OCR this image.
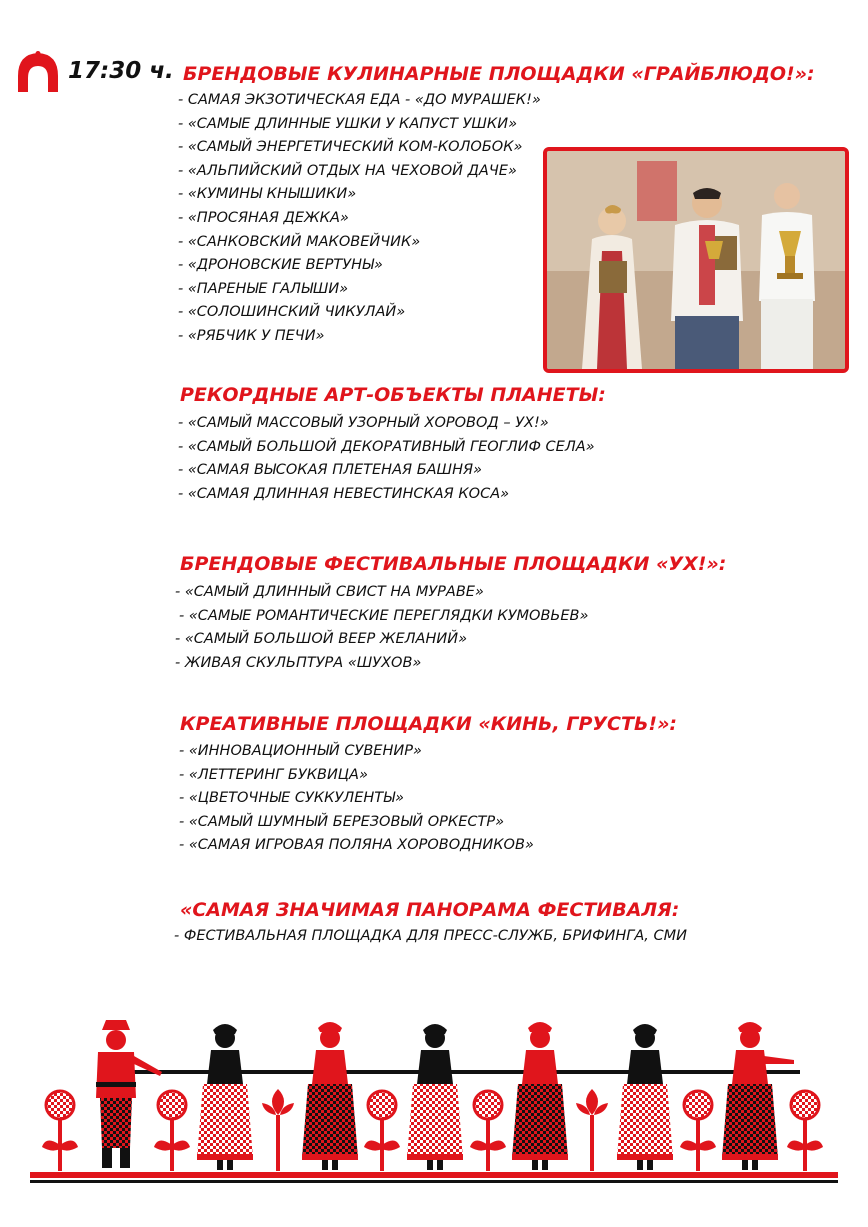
Ух! 17:30 ч. БРЕНДОВЫЕ КУЛИНАРНЫЕ ПЛОЩАДКИ «ГРАЙБЛЮДО!»:
- САМАЯ ЭКЗОТИЧЕСКАЯ ЕДА - «ДО МУРАШЕК!»
- «САМЫЕ ДЛИННЫЕ УШКИ У КАПУСТ УШКИ»
- «САМЫЙ ЭНЕРГЕТИЧЕСКИЙ КОМ-КОЛОБОК»
- «АЛЬПИЙСКИЙ ОТДЫХ НА ЧЕХОВОЙ ДАЧЕ»
- «КУМИНЫ КНЫШИКИ»
- «ПРОСЯНАЯ ДЕЖКА»
- «САНКОВСКИЙ МАКОВЕЙЧИК»
- «ДРОНОВСКИЕ ВЕРТУНЫ»
- «ПАРЕНЫЕ ГАЛЫШИ»
- «СОЛОШИНСКИЙ ЧИКУЛАЙ»
- «РЯБЧИК У ПЕЧИ»
РЕКОРДНЫЕ АРТ-ОБЪЕКТЫ ПЛАНЕТЫ:
- «САМЫЙ МАССОВЫЙ УЗОРНЫЙ ХОРОВОД – УХ!»
- «САМЫЙ БОЛЬШОЙ ДЕКОРАТИВНЫЙ ГЕОГЛИФ СЕЛА»
- «САМАЯ ВЫСОКАЯ ПЛЕТЕНАЯ БАШНЯ»
- «САМАЯ ДЛИННАЯ НЕВЕСТИНСКАЯ КОСА»
БРЕНДОВЫЕ ФЕСТИВАЛЬНЫЕ ПЛОЩАДКИ «УХ!»:
- «САМЫЙ ДЛИННЫЙ СВИСТ НА МУРАВЕ»
- «САМЫЕ РОМАНТИЧЕСКИЕ ПЕРЕГЛЯДКИ КУМОВЬЕВ»
- «САМЫЙ БОЛЬШОЙ ВЕЕР ЖЕЛАНИЙ»
- ЖИВАЯ СКУЛЬПТУРА «ШУХОВ»
КРЕАТИВНЫЕ ПЛОЩАДКИ «КИНЬ, ГРУСТЬ!»:
- «ИННОВАЦИОННЫЙ СУВЕНИР»
- «ЛЕТТЕРИНГ БУКВИЦА»
- «ЦВЕТОЧНЫЕ СУККУЛЕНТЫ»
- «САМЫЙ ШУМНЫЙ БЕРЕЗОВЫЙ ОРКЕСТР»
- «САМАЯ ИГРОВАЯ ПОЛЯНА ХОРОВОДНИКОВ»
«САМАЯ ЗНАЧИМАЯ ПАНОРАМА ФЕСТИВАЛЯ:
- ФЕСТИВАЛЬНАЯ ПЛОЩАДКА ДЛЯ ПРЕСС-СЛУЖБ, БРИФИНГА, СМИ
